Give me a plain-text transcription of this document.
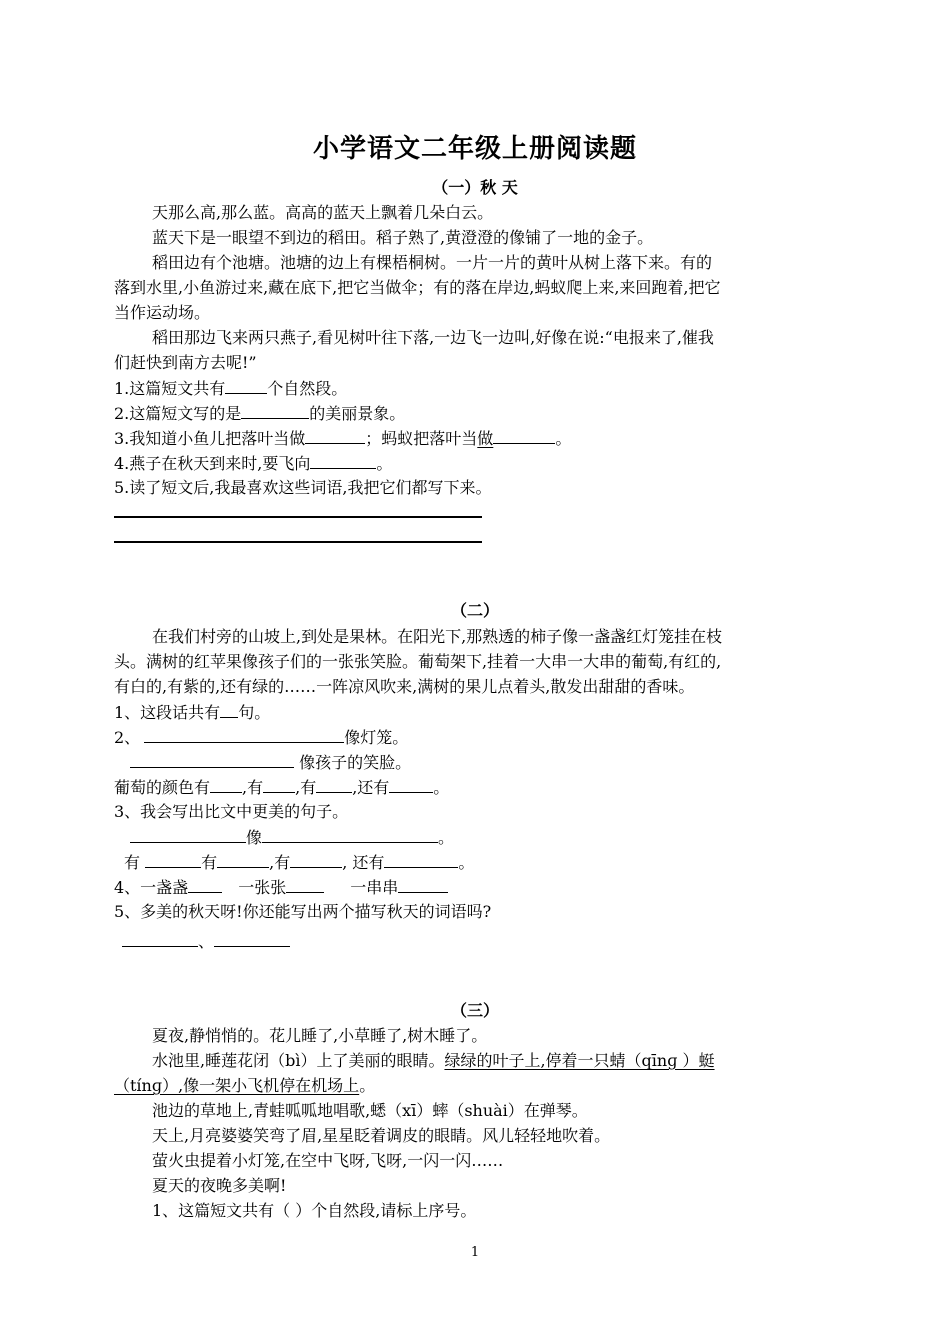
小学语文二年级上册阅读题
（一）秋 天
天那么高,那么蓝。高高的蓝天上飘着几朵白云。
蓝天下是一眼望不到边的稻田。稻子熟了,黄澄澄的像铺了一地的金子。
稻田边有个池塘。池塘的边上有棵梧桐树。一片一片的黄叶从树上落下来。有的
落到水里,小鱼游过来,藏在底下,把它当做伞；有的落在岸边,蚂蚁爬上来,来回跑着,把它
当作运动场。
稻田那边飞来两只燕子,看见树叶往下落,一边飞一边叫,好像在说:“电报来了,催我
们赶快到南方去呢!”
1.这篇短文共有	个自然段。
2.这篇短文写的是	的美丽景象。
3.我知道小鱼儿把落叶当做	；蚂蚁把落叶当做	。
4.燕子在秋天到来时,要飞向	。
5.读了短文后,我最喜欢这些词语,我把它们都写下来。
（二）
在我们村旁的山坡上,到处是果林。在阳光下,那熟透的柿子像一盏盏红灯笼挂在枝
头。满树的红苹果像孩子们的一张张笑脸。葡萄架下,挂着一大串一大串的葡萄,有红的,
有白的,有紫的,还有绿的……一阵凉风吹来,满树的果儿点着头,散发出甜甜的香味。
1、这段话共有 句。
2、	像灯笼。
像孩子的笑脸。
葡萄的颜色有 ,有 ,有 ,还有	。
3、我会写出比文中更美的句子。
像	。
有	有	,有	, 还有	。
4、一盏盏	一张张	一串串
5、多美的秋天呀!你还能写出两个描写秋天的词语吗?
、
（三）
夏夜,静悄悄的。花儿睡了,小草睡了,树木睡了。
水池里,睡莲花闭（bì）上了美丽的眼睛。绿绿的叶子上,停着一只蜻（qīnɡ ）蜓
（tínɡ）,像一架小飞机停在机场上。
池边的草地上,青蛙呱呱地唱歌,蟋（xī）蟀（shuài）在弹琴。
天上,月亮婆婆笑弯了眉,星星眨着调皮的眼睛。风儿轻轻地吹着。
萤火虫提着小灯笼,在空中飞呀,飞呀,一闪一闪……
夏天的夜晚多美啊!
1、这篇短文共有（ ）个自然段,请标上序号。
1
